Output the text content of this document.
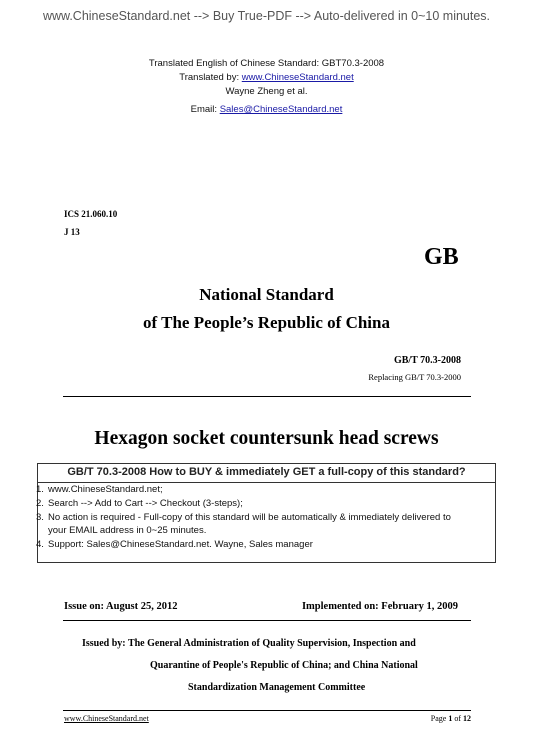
www.ChineseStandard.net --> Buy True-PDF --> Auto-delivered in 0~10 minutes.
Translated English of Chinese Standard: GBT70.3-2008
Translated by: www.ChineseStandard.net
Wayne Zheng et al.
Email: Sales@ChineseStandard.net
ICS 21.060.10
J 13
GB
National Standard
of The People’s Republic of China
GB/T 70.3-2008
Replacing GB/T 70.3-2000
Hexagon socket countersunk head screws
GB/T 70.3-2008 How to BUY & immediately GET a full-copy of this standard?
1. www.ChineseStandard.net;
2. Search --> Add to Cart --> Checkout (3-steps);
3. No action is required - Full-copy of this standard will be automatically & immediately delivered to
your EMAIL address in 0~25 minutes.
4. Support: Sales@ChineseStandard.net. Wayne, Sales manager
Issue on: August 25, 2012	Implemented on: February 1, 2009
Issued by: The General Administration of Quality Supervision, Inspection and
Quarantine of People's Republic of China; and China National
Standardization Management Committee
www.ChineseStandard.net	Page 1 of 12
